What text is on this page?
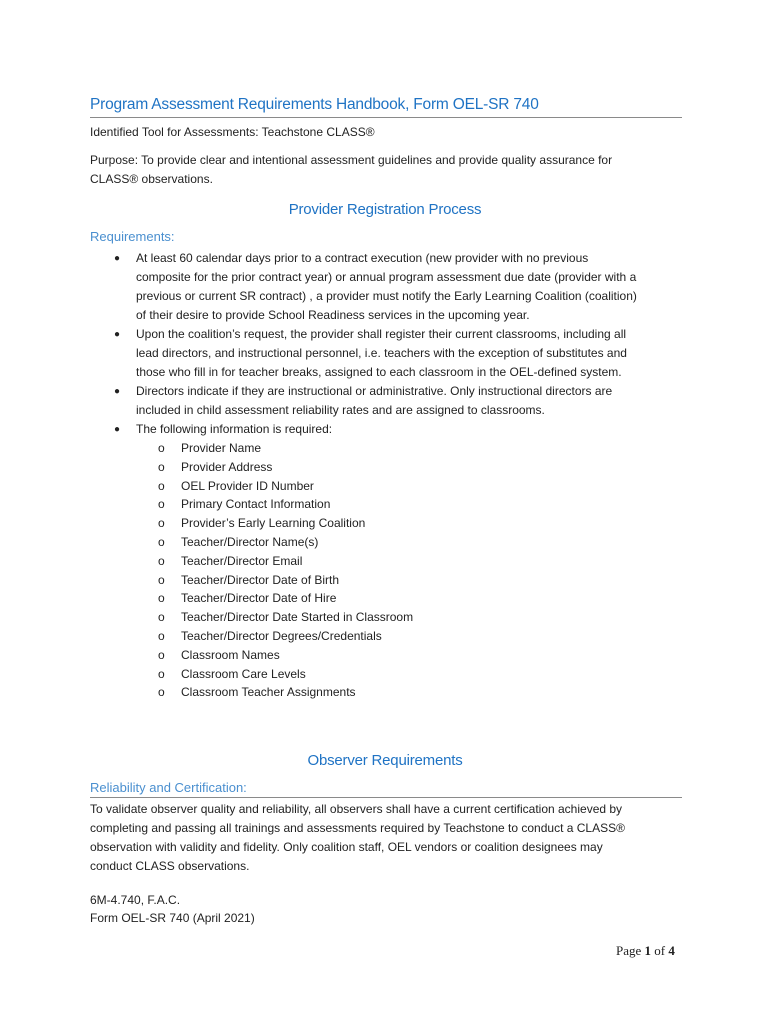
Program Assessment Requirements Handbook, Form OEL-SR 740
Identified Tool for Assessments: Teachstone CLASS®
Purpose: To provide clear and intentional assessment guidelines and provide quality assurance for
CLASS® observations.
Provider Registration Process
Requirements:
● At least 60 calendar days prior to a contract execution (new provider with no previous
composite for the prior contract year) or annual program assessment due date (provider with a
previous or current SR contract) , a provider must notify the Early Learning Coalition (coalition)
of their desire to provide School Readiness services in the upcoming year.
● Upon the coalition’s request, the provider shall register their current classrooms, including all
lead directors, and instructional personnel, i.e. teachers with the exception of substitutes and
those who fill in for teacher breaks, assigned to each classroom in the OEL-defined system.
● Directors indicate if they are instructional or administrative. Only instructional directors are
included in child assessment reliability rates and are assigned to classrooms.
● The following information is required:
o Provider Name
o Provider Address
o OEL Provider ID Number
o Primary Contact Information
o Provider’s Early Learning Coalition
o Teacher/Director Name(s)
o Teacher/Director Email
o Teacher/Director Date of Birth
o Teacher/Director Date of Hire
o Teacher/Director Date Started in Classroom
o Teacher/Director Degrees/Credentials
o Classroom Names
o Classroom Care Levels
o Classroom Teacher Assignments
Observer Requirements
Reliability and Certification:
To validate observer quality and reliability, all observers shall have a current certification achieved by
completing and passing all trainings and assessments required by Teachstone to conduct a CLASS®
observation with validity and fidelity. Only coalition staff, OEL vendors or coalition designees may
conduct CLASS observations.
6M-4.740, F.A.C.
Form OEL-SR 740 (April 2021)
Page 1 of 4
